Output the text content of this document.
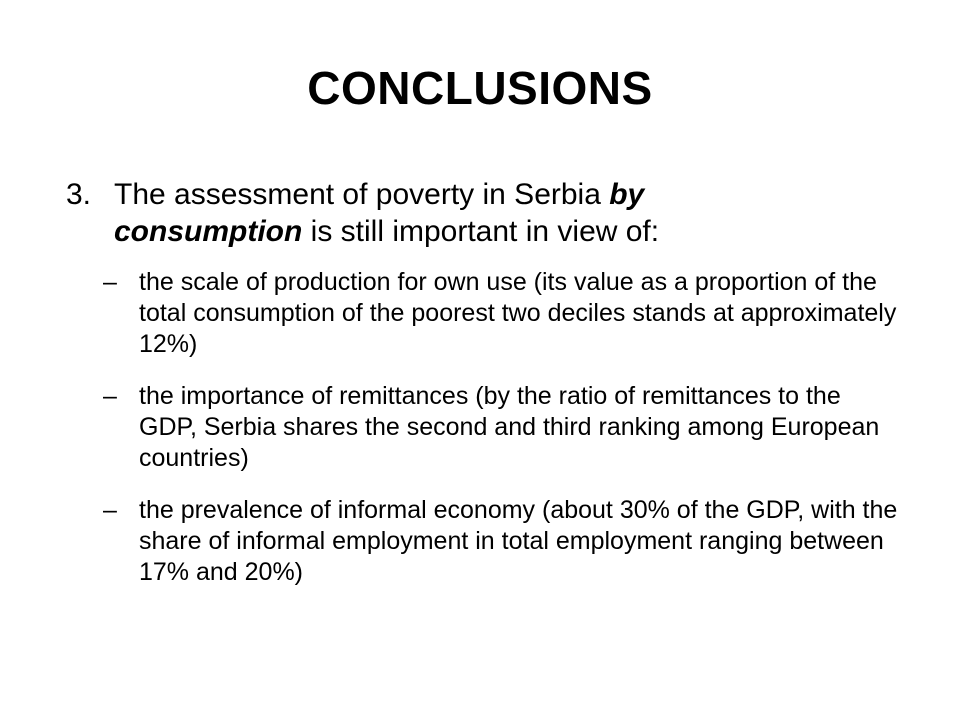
CONCLUSIONS
3. The assessment of poverty in Serbia by
consumption is still important in view of:
– the scale of production for own use (its value as a proportion of the total consumption of the poorest two deciles stands at approximately 12%)
– the importance of remittances (by the ratio of remittances to the GDP, Serbia shares the second and third ranking among European countries)
– the prevalence of informal economy (about 30% of the GDP, with the share of informal employment in total employment ranging between 17% and 20%)
